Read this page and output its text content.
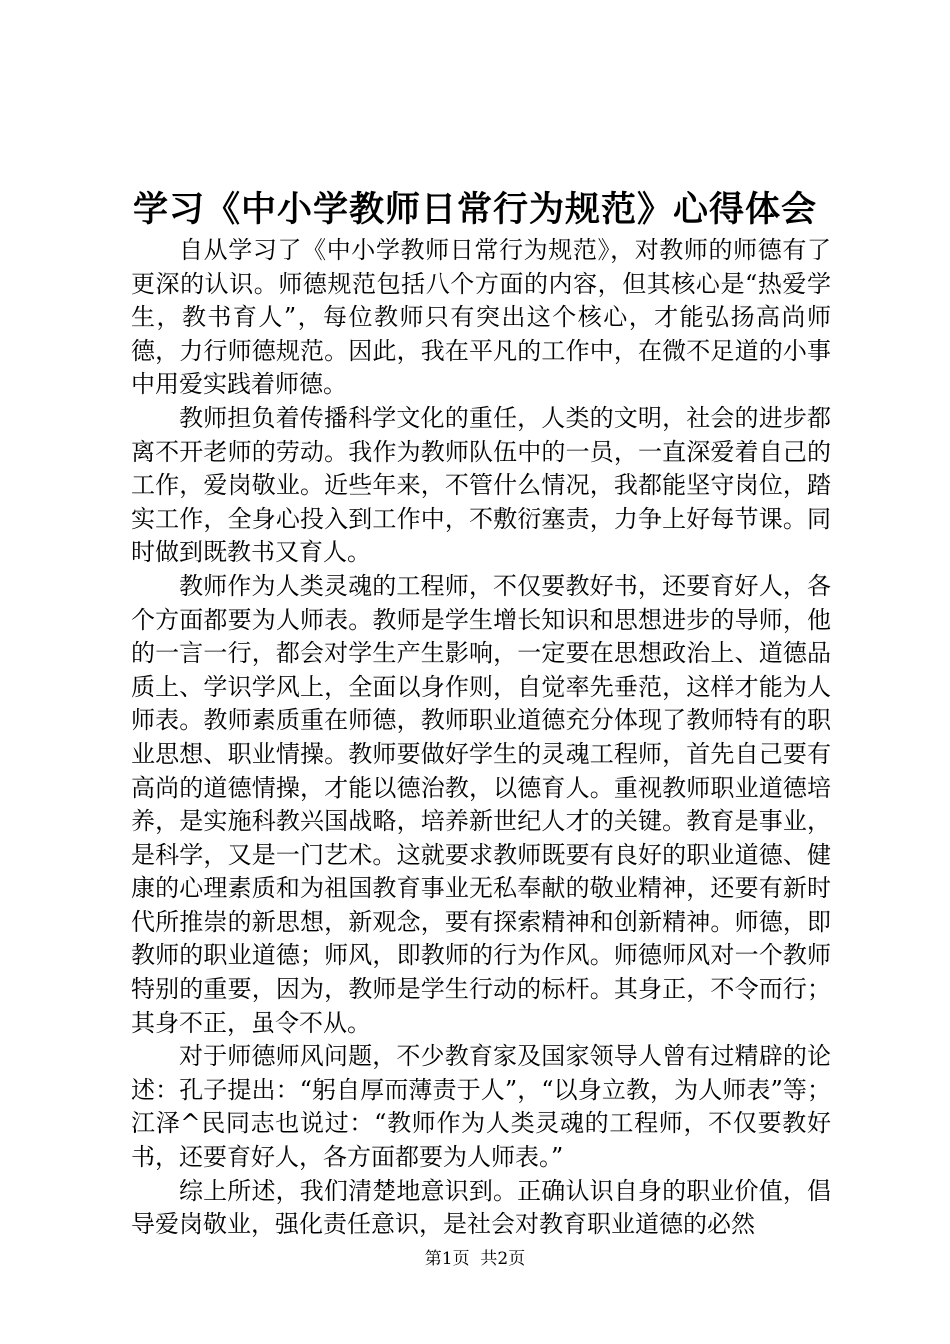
学习《中小学教师日常行为规范》心得体会

自从学习了《中小学教师日常行为规范》，对教师的师德有了更深的认识。师德规范包括八个方面的内容，但其核心是“热爱学生，教书育人”，每位教师只有突出这个核心，才能弘扬高尚师德，力行师德规范。因此，我在平凡的工作中，在微不足道的小事中用爱实践着师德。

教师担负着传播科学文化的重任，人类的文明，社会的进步都离不开老师的劳动。我作为教师队伍中的一员，一直深爱着自己的工作，爱岗敬业。近些年来，不管什么情况，我都能坚守岗位，踏实工作，全身心投入到工作中，不敷衍塞责，力争上好每节课。同时做到既教书又育人。

教师作为人类灵魂的工程师，不仅要教好书，还要育好人，各个方面都要为人师表。教师是学生增长知识和思想进步的导师，他的一言一行，都会对学生产生影响，一定要在思想政治上、道德品质上、学识学风上，全面以身作则，自觉率先垂范，这样才能为人师表。教师素质重在师德，教师职业道德充分体现了教师特有的职业思想、职业情操。教师要做好学生的灵魂工程师，首先自己要有高尚的道德情操，才能以德治教，以德育人。重视教师职业道德培养，是实施科教兴国战略，培养新世纪人才的关键。教育是事业，是科学，又是一门艺术。这就要求教师既要有良好的职业道德、健康的心理素质和为祖国教育事业无私奉献的敬业精神，还要有新时代所推崇的新思想，新观念，要有探索精神和创新精神。师德，即教师的职业道德；师风，即教师的行为作风。师德师风对一个教师特别的重要，因为，教师是学生行动的标杆。其身正，不令而行；其身不正，虽令不从。

对于师德师风问题，不少教育家及国家领导人曾有过精辟的论述：孔子提出：“躬自厚而薄责于人”，“以身立教，为人师表”等；江泽^民同志也说过：“教师作为人类灵魂的工程师，不仅要教好书，还要育好人，各方面都要为人师表。”

综上所述，我们清楚地意识到。正确认识自身的职业价值，倡导爱岗敬业，强化责任意识，是社会对教育职业道德的必然

第1页  共2页
